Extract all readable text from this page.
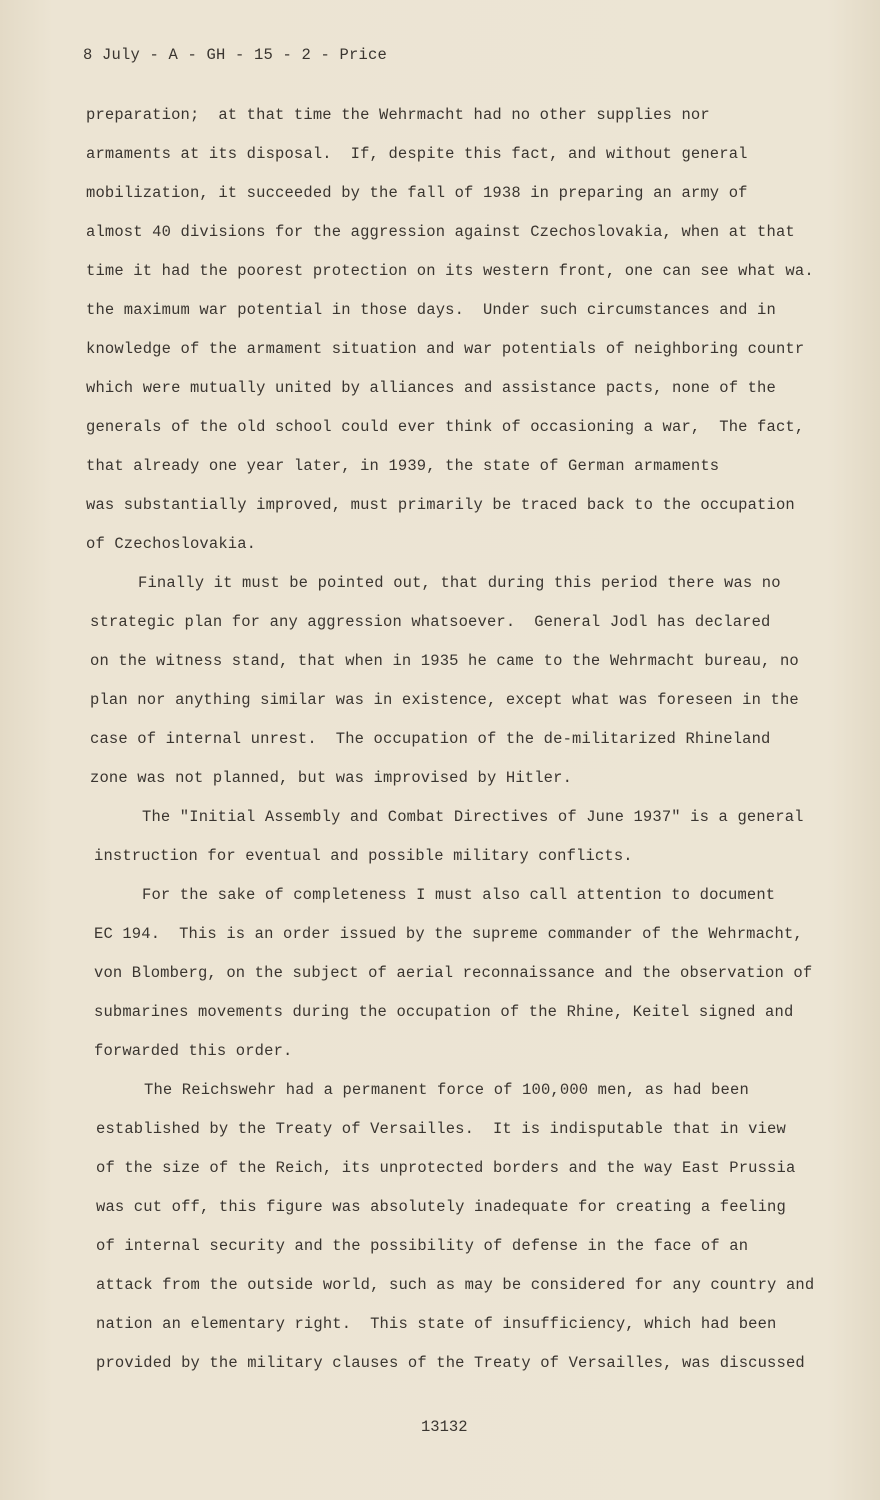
8 July - A - GH - 15 - 2 - Price
preparation;  at that time the Wehrmacht had no other supplies nor
armaments at its disposal.  If, despite this fact, and without general
mobilization, it succeeded by the fall of 1938 in preparing an army of
almost 40 divisions for the aggression against Czechoslovakia, when at that
time it had the poorest protection on its western front, one can see what wa.
the maximum war potential in those days.  Under such circumstances and in
knowledge of the armament situation and war potentials of neighboring countr
which were mutually united by alliances and assistance pacts, none of the
generals of the old school could ever think of occasioning a war,  The fact,
that already one year later, in 1939, the state of German armaments
was substantially improved, must primarily be traced back to the occupation
of Czechoslovakia.
Finally it must be pointed out, that during this period there was no
strategic plan for any aggression whatsoever.  General Jodl has declared
on the witness stand, that when in 1935 he came to the Wehrmacht bureau, no
plan nor anything similar was in existence, except what was foreseen in the
case of internal unrest.  The occupation of the de-militarized Rhineland
zone was not planned, but was improvised by Hitler.
The "Initial Assembly and Combat Directives of June 1937" is a general
instruction for eventual and possible military conflicts.
For the sake of completeness I must also call attention to document
EC 194.  This is an order issued by the supreme commander of the Wehrmacht,
von Blomberg, on the subject of aerial reconnaissance and the observation of
submarines movements during the occupation of the Rhine, Keitel signed and
forwarded this order.
The Reichswehr had a permanent force of 100,000 men, as had been
established by the Treaty of Versailles.  It is indisputable that in view
of the size of the Reich, its unprotected borders and the way East Prussia
was cut off, this figure was absolutely inadequate for creating a feeling
of internal security and the possibility of defense in the face of an
attack from the outside world, such as may be considered for any country and
nation an elementary right.  This state of insufficiency, which had been
provided by the military clauses of the Treaty of Versailles, was discussed
13132
